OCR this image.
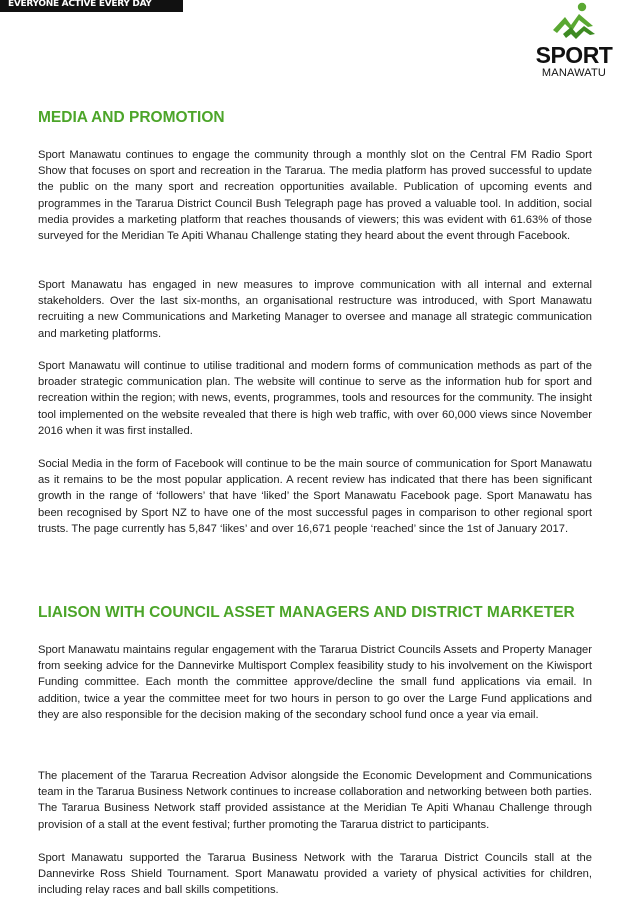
EVERYONE ACTIVE EVERY DAY
SPORT
MANAWATU
MEDIA AND PROMOTION

Sport Manawatu continues to engage the community through a monthly slot on the Central FM Radio Sport Show that focuses on sport and recreation in the Tararua. The media platform has proved successful to update the public on the many sport and recreation opportunities available. Publication of upcoming events and programmes in the Tararua District Council Bush Telegraph page has proved a valuable tool. In addition, social media provides a marketing platform that reaches thousands of viewers; this was evident with 61.63% of those surveyed for the Meridian Te Apiti Whanau Challenge stating they heard about the event through Facebook.

Sport Manawatu has engaged in new measures to improve communication with all internal and external stakeholders. Over the last six-months, an organisational restructure was introduced, with Sport Manawatu recruiting a new Communications and Marketing Manager to oversee and manage all strategic communication and marketing platforms.

Sport Manawatu will continue to utilise traditional and modern forms of communication methods as part of the broader strategic communication plan. The website will continue to serve as the information hub for sport and recreation within the region; with news, events, programmes, tools and resources for the community. The insight tool implemented on the website revealed that there is high web traffic, with over 60,000 views since November 2016 when it was first installed.

Social Media in the form of Facebook will continue to be the main source of communication for Sport Manawatu as it remains to be the most popular application. A recent review has indicated that there has been significant growth in the range of ‘followers’ that have ‘liked’ the Sport Manawatu Facebook page. Sport Manawatu has been recognised by Sport NZ to have one of the most successful pages in comparison to other regional sport trusts. The page currently has 5,847 ‘likes’ and over 16,671 people ‘reached’ since the 1st of January 2017.

LIAISON WITH COUNCIL ASSET MANAGERS AND DISTRICT MARKETER

Sport Manawatu maintains regular engagement with the Tararua District Councils Assets and Property Manager from seeking advice for the Dannevirke Multisport Complex feasibility study to his involvement on the Kiwisport Funding committee. Each month the committee approve/decline the small fund applications via email. In addition, twice a year the committee meet for two hours in person to go over the Large Fund applications and they are also responsible for the decision making of the secondary school fund once a year via email.

The placement of the Tararua Recreation Advisor alongside the Economic Development and Communications team in the Tararua Business Network continues to increase collaboration and networking between both parties. The Tararua Business Network staff provided assistance at the Meridian Te Apiti Whanau Challenge through provision of a stall at the event festival; further promoting the Tararua district to participants.

Sport Manawatu supported the Tararua Business Network with the Tararua District Councils stall at the Dannevirke Ross Shield Tournament. Sport Manawatu provided a variety of physical activities for children, including relay races and ball skills competitions.
